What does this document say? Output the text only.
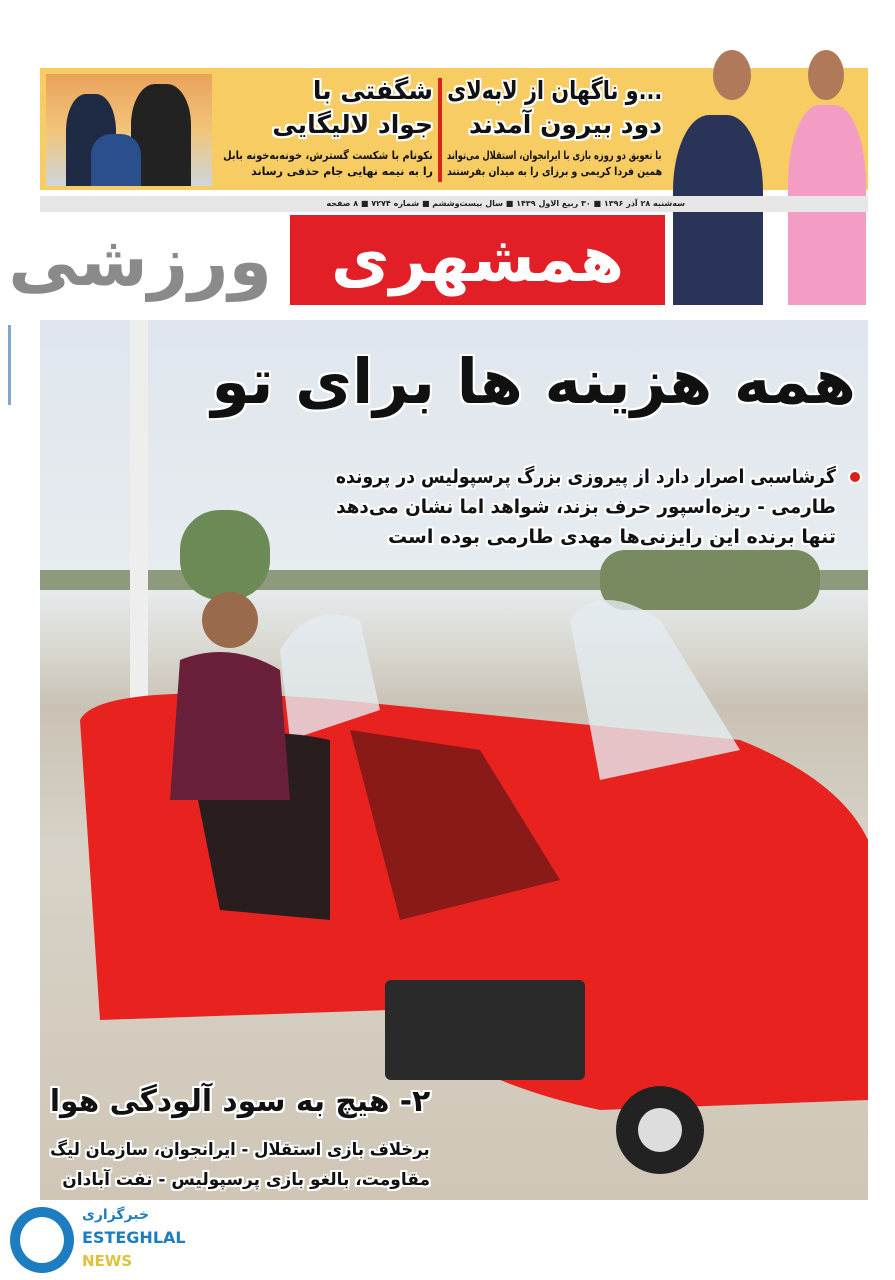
...و ناگهان از لابه‌لای
دود بیرون آمدند
با تعویق دو روزه بازی با ایرانجوان، استقلال می‌تواند
همین فردا کریمی و برزای را به میدان بفرستند
شگفتی با
جواد لالیگایی
نکونام با شکست گسترش، خونه‌به‌خونه بابل
را به نیمه نهایی جام حذفی رساند
سه‌شنبه ۲۸ آذر ۱۳۹۶ ■ ۳۰ ربیع الاول ۱۴۳۹ ■ سال بیست‌وششم ■ شماره ۷۲۷۴ ■ ۸ صفحه
همشهری
ورزشی
همه هزینه ها برای تو
گرشاسبی اصرار دارد از پیروزی بزرگ پرسپولیس در پرونده
طارمی - ریزه‌اسپور حرف بزند، شواهد اما نشان می‌دهد
تنها برنده این رایزنی‌ها مهدی طارمی بوده است
۲- هیچ به سود آلودگی هوا
برخلاف بازی استقلال - ایرانجوان، سازمان لیگ
مقاومت، بالغو بازی پرسپولیس - نفت آبادان
خبرگزاری
ESTEGHLAL
NEWS
